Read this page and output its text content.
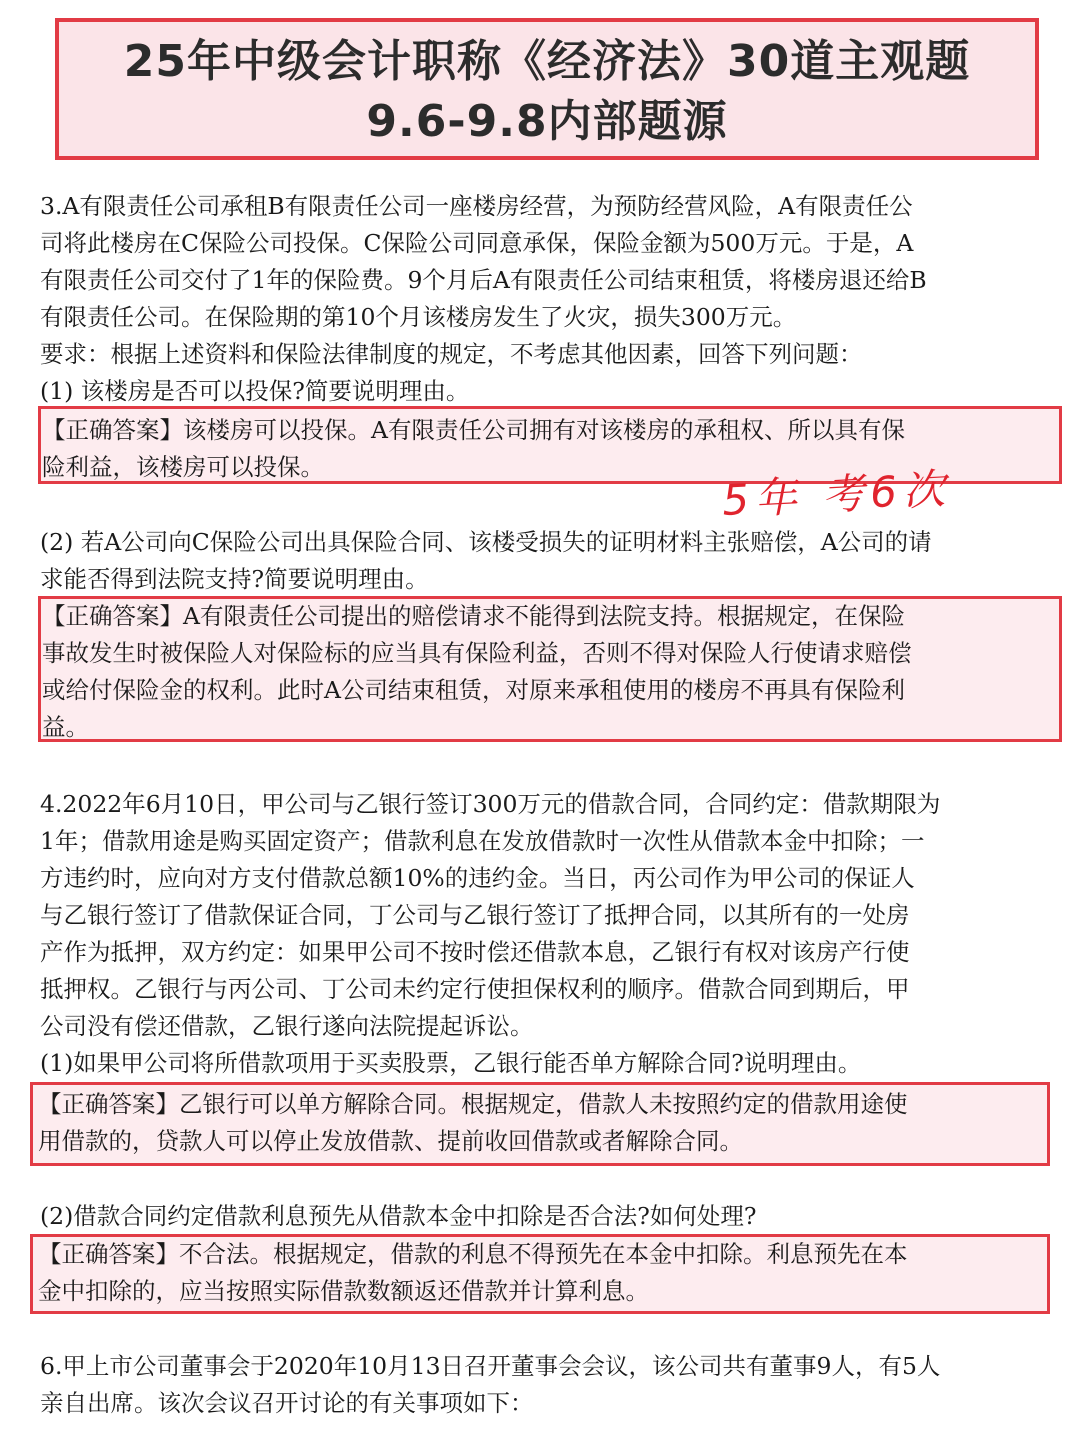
25年中级会计职称《经济法》30道主观题
9.6-9.8内部题源
3.A有限责任公司承租B有限责任公司一座楼房经营，为预防经营风险，A有限责任公
司将此楼房在C保险公司投保。C保险公司同意承保，保险金额为500万元。于是，A
有限责任公司交付了1年的保险费。9个月后A有限责任公司结束租赁，将楼房退还给B
有限责任公司。在保险期的第10个月该楼房发生了火灾，损失300万元。
要求：根据上述资料和保险法律制度的规定，不考虑其他因素，回答下列问题：
(1) 该楼房是否可以投保?简要说明理由。
【正确答案】该楼房可以投保。A有限责任公司拥有对该楼房的承租权、所以具有保
险利益，该楼房可以投保。	5年 考6次
(2) 若A公司向C保险公司出具保险合同、该楼受损失的证明材料主张赔偿，A公司的请
求能否得到法院支持?简要说明理由。
【正确答案】A有限责任公司提出的赔偿请求不能得到法院支持。根据规定，在保险
事故发生时被保险人对保险标的应当具有保险利益，否则不得对保险人行使请求赔偿
或给付保险金的权利。此时A公司结束租赁，对原来承租使用的楼房不再具有保险利
益。
4.2022年6月10日，甲公司与乙银行签订300万元的借款合同，合同约定：借款期限为
1年；借款用途是购买固定资产；借款利息在发放借款时一次性从借款本金中扣除；一
方违约时，应向对方支付借款总额10%的违约金。当日，丙公司作为甲公司的保证人
与乙银行签订了借款保证合同，丁公司与乙银行签订了抵押合同，以其所有的一处房
产作为抵押，双方约定：如果甲公司不按时偿还借款本息，乙银行有权对该房产行使
抵押权。乙银行与丙公司、丁公司未约定行使担保权利的顺序。借款合同到期后，甲
公司没有偿还借款，乙银行遂向法院提起诉讼。
(1)如果甲公司将所借款项用于买卖股票，乙银行能否单方解除合同?说明理由。
【正确答案】乙银行可以单方解除合同。根据规定，借款人未按照约定的借款用途使
用借款的，贷款人可以停止发放借款、提前收回借款或者解除合同。
(2)借款合同约定借款利息预先从借款本金中扣除是否合法?如何处理?
【正确答案】不合法。根据规定，借款的利息不得预先在本金中扣除。利息预先在本
金中扣除的，应当按照实际借款数额返还借款并计算利息。
6.甲上市公司董事会于2020年10月13日召开董事会会议，该公司共有董事9人，有5人
亲自出席。该次会议召开讨论的有关事项如下：
